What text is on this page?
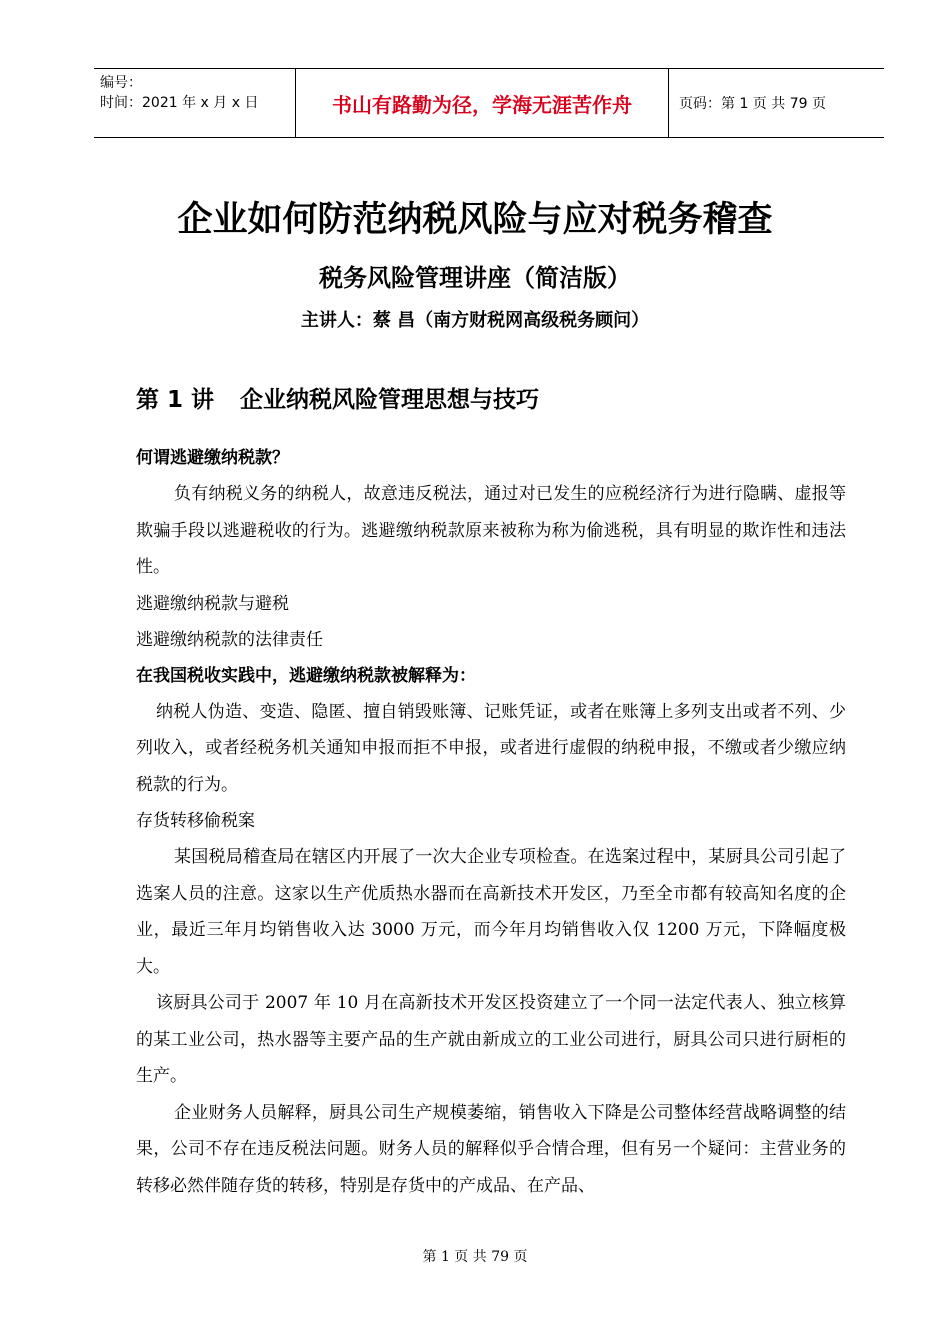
编号：
时间：2021 年 x 月 x 日	书山有路勤为径，学海无涯苦作舟	页码：第 1 页 共 79 页
企业如何防范纳税风险与应对税务稽查
税务风险管理讲座（简洁版）
主讲人：蔡 昌（南方财税网高级税务顾问）
第 1 讲 企业纳税风险管理思想与技巧
何谓逃避缴纳税款？
负有纳税义务的纳税人，故意违反税法，通过对已发生的应税经济行为进行隐瞒、虚报等欺骗手段以逃避税收的行为。逃避缴纳税款原来被称为称为偷逃税，具有明显的欺诈性和违法性。
逃避缴纳税款与避税
逃避缴纳税款的法律责任
在我国税收实践中，逃避缴纳税款被解释为：
纳税人伪造、变造、隐匿、擅自销毁账簿、记账凭证，或者在账簿上多列支出或者不列、少列收入，或者经税务机关通知申报而拒不申报，或者进行虚假的纳税申报，不缴或者少缴应纳税款的行为。
存货转移偷税案
某国税局稽查局在辖区内开展了一次大企业专项检查。在选案过程中，某厨具公司引起了选案人员的注意。这家以生产优质热水器而在高新技术开发区，乃至全市都有较高知名度的企业，最近三年月均销售收入达 3000 万元，而今年月均销售收入仅 1200 万元，下降幅度极大。
该厨具公司于 2007 年 10 月在高新技术开发区投资建立了一个同一法定代表人、独立核算的某工业公司，热水器等主要产品的生产就由新成立的工业公司进行，厨具公司只进行厨柜的生产。
企业财务人员解释，厨具公司生产规模萎缩，销售收入下降是公司整体经营战略调整的结果，公司不存在违反税法问题。财务人员的解释似乎合情合理，但有另一个疑问：主营业务的转移必然伴随存货的转移，特别是存货中的产成品、在产品、
第 1 页 共 79 页
